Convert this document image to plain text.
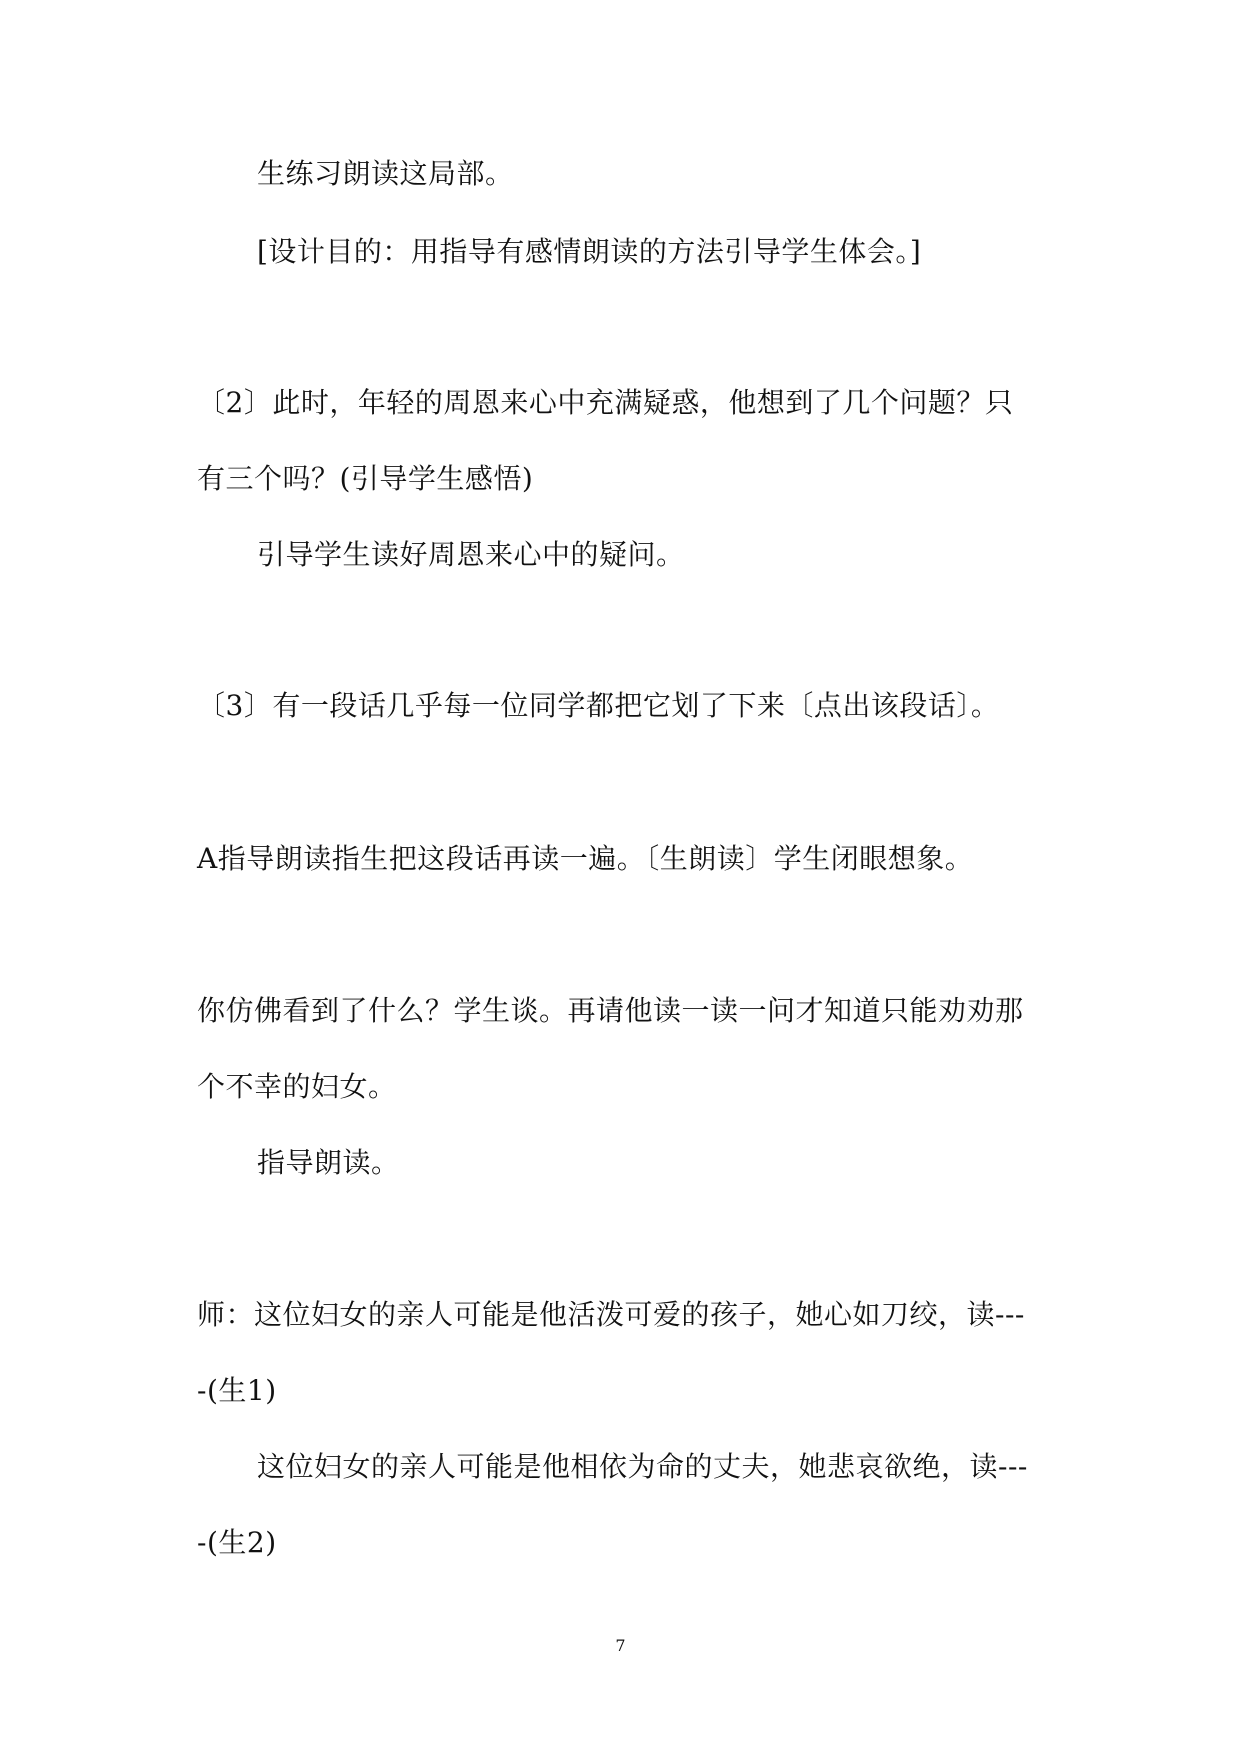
生练习朗读这局部。
[设计目的：用指导有感情朗读的方法引导学生体会。]
〔2〕此时，年轻的周恩来心中充满疑惑，他想到了几个问题？只
有三个吗？(引导学生感悟)
引导学生读好周恩来心中的疑问。
〔3〕有一段话几乎每一位同学都把它划了下来〔点出该段话〕。
A指导朗读指生把这段话再读一遍。〔生朗读〕学生闭眼想象。
你仿佛看到了什么？学生谈。再请他读一读一问才知道只能劝劝那
个不幸的妇女。
指导朗读。
师：这位妇女的亲人可能是他活泼可爱的孩子，她心如刀绞，读---
-(生1)
这位妇女的亲人可能是他相依为命的丈夫，她悲哀欲绝，读---
-(生2)
7
